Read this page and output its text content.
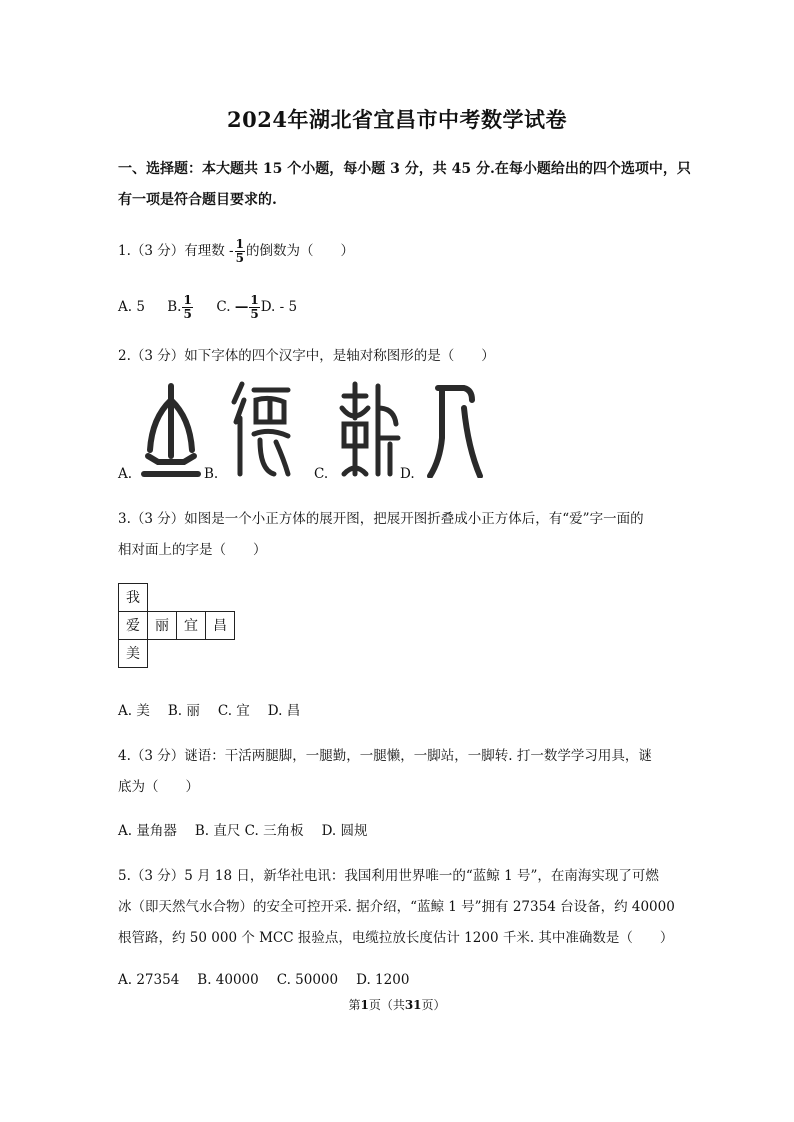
2024年湖北省宜昌市中考数学试卷
一、选择题：本大题共 15 个小题，每小题 3 分，共 45 分.在每小题给出的四个选项中，只
有一项是符合题目要求的.
1.（3 分）有理数 - $\frac{1}{5}$ 的倒数为（　　）
A. 5 B. $\frac{1}{5} C$. — $\frac{1}{5} D$. - 5
2.（3 分）如下字体的四个汉字中，是轴对称图形的是（　　）
A.	B.	C.	D.
3.（3 分）如图是一个小正方体的展开图，把展开图折叠成小正方体后，有“爱”字一面的
相对面上的字是（　　）
我
爱	丽	宜	昌
美
A. 美 B. 丽 C. 宜 D. 昌
4.（3 分）谜语：干活两腿脚，一腿勤，一腿懒，一脚站，一脚转. 打一数学学习用具，谜
底为（　　）
A. 量角器 B. 直尺 C. 三角板 D. 圆规
5.（3 分）5 月 18 日，新华社电讯：我国利用世界唯一的“蓝鲸 1 号”，在南海实现了可燃
冰（即天然气水合物）的安全可控开采. 据介绍，“蓝鲸 1 号”拥有 27354 台设备，约 40000
根管路，约 50 000 个 MCC 报验点，电缆拉放长度估计 1200 千米. 其中准确数是（　　）
A. 27354 B. 40000 C. 50000 D. 1200
第1页（共31页）
